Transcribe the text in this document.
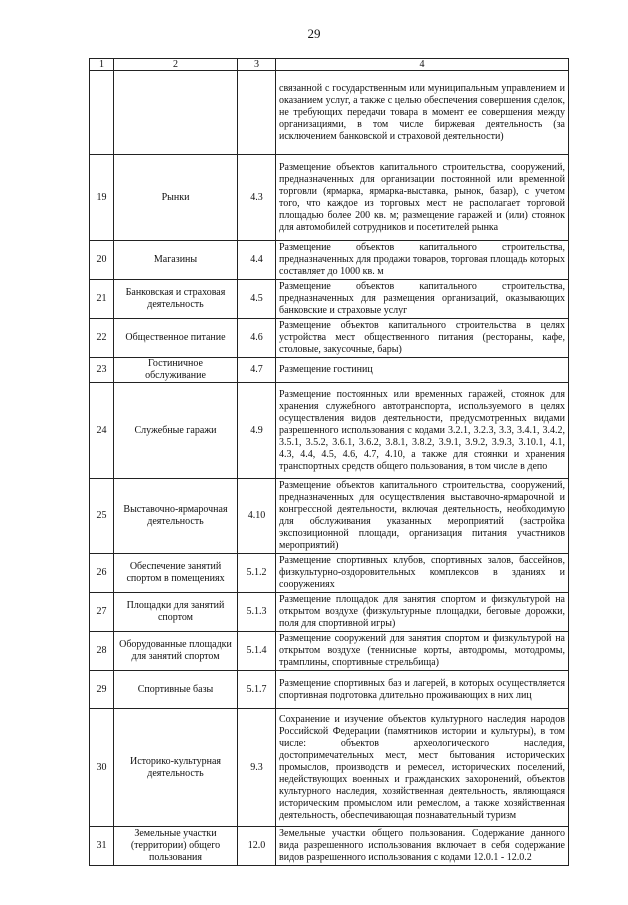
29
1	2	3	4
			связанной с государственным или муниципальным управлением и оказанием услуг, а также с целью обеспечения совершения сделок, не требующих передачи товара в момент ее совершения между организациями, в том числе биржевая деятельность (за исключением банковской и страховой деятельности)
19	Рынки	4.3	Размещение объектов капитального строительства, сооружений, предназначенных для организации постоянной или временной торговли (ярмарка, ярмарка-выставка, рынок, базар), с учетом того, что каждое из торговых мест не располагает торговой площадью более 200 кв. м; размещение гаражей и (или) стоянок для автомобилей сотрудников и посетителей рынка
20	Магазины	4.4	Размещение объектов капитального строительства, предназначенных для продажи товаров, торговая площадь которых составляет до 1000 кв. м
21	Банковская и страховая деятельность	4.5	Размещение объектов капитального строительства, предназначенных для размещения организаций, оказывающих банковские и страховые услуг
22	Общественное питание	4.6	Размещение объектов капитального строительства в целях устройства мест общественного питания (рестораны, кафе, столовые, закусочные, бары)
23	Гостиничное обслуживание	4.7	Размещение гостиниц
24	Служебные гаражи	4.9	Размещение постоянных или временных гаражей, стоянок для хранения служебного автотранспорта, используемого в целях осуществления видов деятельности, предусмотренных видами разрешенного использования с кодами 3.2.1, 3.2.3, 3.3, 3.4.1, 3.4.2, 3.5.1, 3.5.2, 3.6.1, 3.6.2, 3.8.1, 3.8.2, 3.9.1, 3.9.2, 3.9.3, 3.10.1, 4.1, 4.3, 4.4, 4.5, 4.6, 4.7, 4.10, а также для стоянки и хранения транспортных средств общего пользования, в том числе в депо
25	Выставочно-ярмарочная деятельность	4.10	Размещение объектов капитального строительства, сооружений, предназначенных для осуществления выставочно-ярмарочной и конгрессной деятельности, включая деятельность, необходимую для обслуживания указанных мероприятий (застройка экспозиционной площади, организация питания участников мероприятий)
26	Обеспечение занятий спортом в помещениях	5.1.2	Размещение спортивных клубов, спортивных залов, бассейнов, физкультурно-оздоровительных комплексов в зданиях и сооружениях
27	Площадки для занятий спортом	5.1.3	Размещение площадок для занятия спортом и физкультурой на открытом воздухе (физкультурные площадки, беговые дорожки, поля для спортивной игры)
28	Оборудованные площадки для занятий спортом	5.1.4	Размещение сооружений для занятия спортом и физкультурой на открытом воздухе (теннисные корты, автодромы, мотодромы, трамплины, спортивные стрельбища)
29	Спортивные базы	5.1.7	Размещение спортивных баз и лагерей, в которых осуществляется спортивная подготовка длительно проживающих в них лиц
30	Историко-культурная деятельность	9.3	Сохранение и изучение объектов культурного наследия народов Российской Федерации (памятников истории и культуры), в том числе: объектов археологического наследия, достопримечательных мест, мест бытования исторических промыслов, производств и ремесел, исторических поселений, недействующих военных и гражданских захоронений, объектов культурного наследия, хозяйственная деятельность, являющаяся историческим промыслом или ремеслом, а также хозяйственная деятельность, обеспечивающая познавательный туризм
31	Земельные участки (территории) общего пользования	12.0	Земельные участки общего пользования. Содержание данного вида разрешенного использования включает в себя содержание видов разрешенного использования с кодами 12.0.1 - 12.0.2
